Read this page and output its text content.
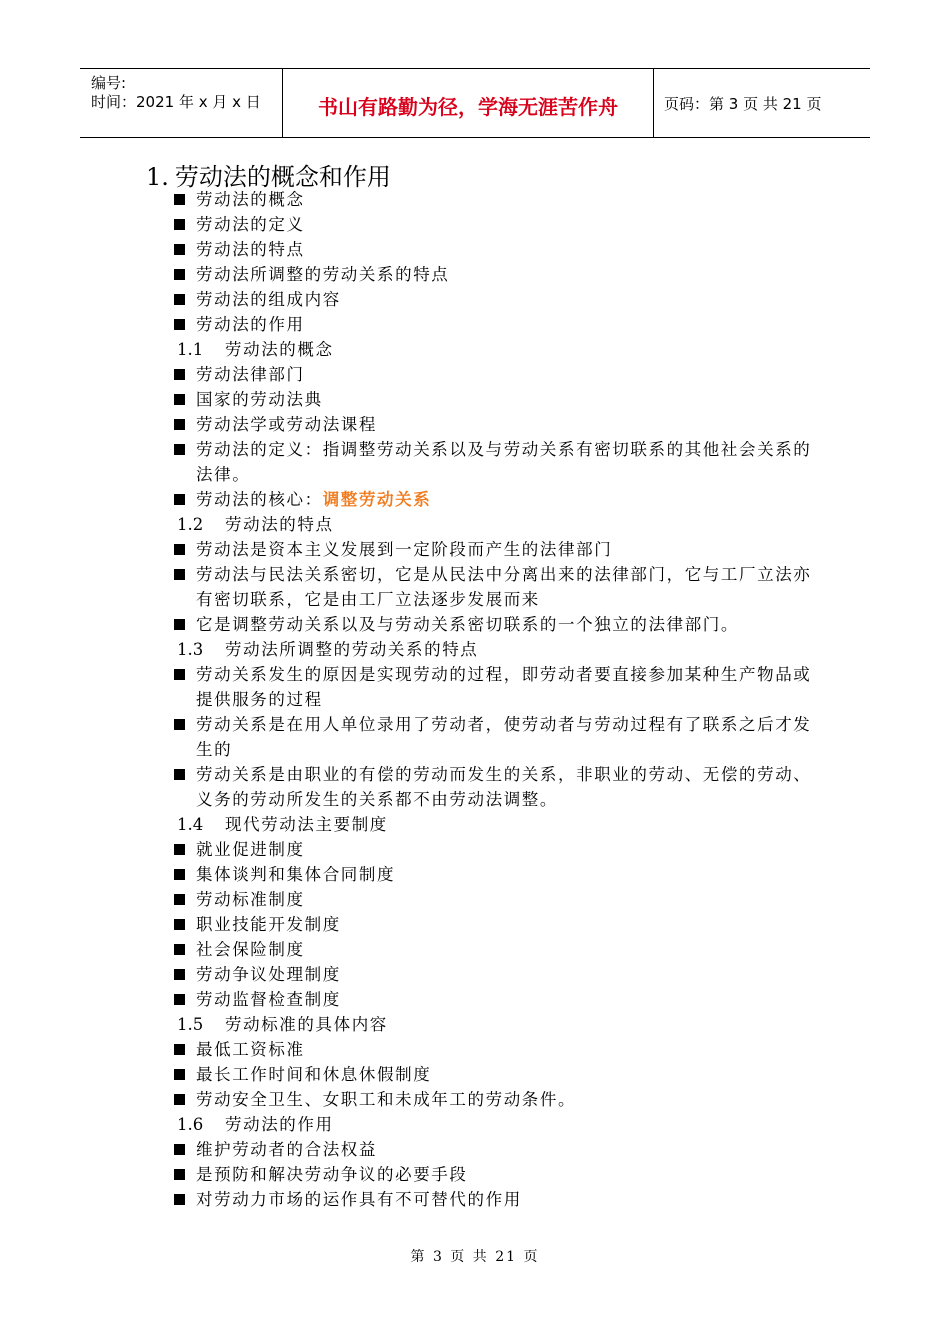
编号:
时间：2021 年 x 月 x 日	书山有路勤为径，学海无涯苦作舟	页码：第 3 页 共 21 页
1. 劳动法的概念和作用
劳动法的概念
劳动法的定义
劳动法的特点
劳动法所调整的劳动关系的特点
劳动法的组成内容
劳动法的作用
1.1 劳动法的概念
劳动法律部门
国家的劳动法典
劳动法学或劳动法课程
劳动法的定义：指调整劳动关系以及与劳动关系有密切联系的其他社会关系的法律。
劳动法的核心：调整劳动关系
1.2 劳动法的特点
劳动法是资本主义发展到一定阶段而产生的法律部门
劳动法与民法关系密切，它是从民法中分离出来的法律部门，它与工厂立法亦有密切联系，它是由工厂立法逐步发展而来
它是调整劳动关系以及与劳动关系密切联系的一个独立的法律部门。
1.3 劳动法所调整的劳动关系的特点
劳动关系发生的原因是实现劳动的过程，即劳动者要直接参加某种生产物品或提供服务的过程
劳动关系是在用人单位录用了劳动者，使劳动者与劳动过程有了联系之后才发生的
劳动关系是由职业的有偿的劳动而发生的关系，非职业的劳动、无偿的劳动、义务的劳动所发生的关系都不由劳动法调整。
1.4 现代劳动法主要制度
就业促进制度
集体谈判和集体合同制度
劳动标准制度
职业技能开发制度
社会保险制度
劳动争议处理制度
劳动监督检查制度
1.5 劳动标准的具体内容
最低工资标准
最长工作时间和休息休假制度
劳动安全卫生、女职工和未成年工的劳动条件。
1.6 劳动法的作用
维护劳动者的合法权益
是预防和解决劳动争议的必要手段
对劳动力市场的运作具有不可替代的作用
第 3 页 共 21 页
